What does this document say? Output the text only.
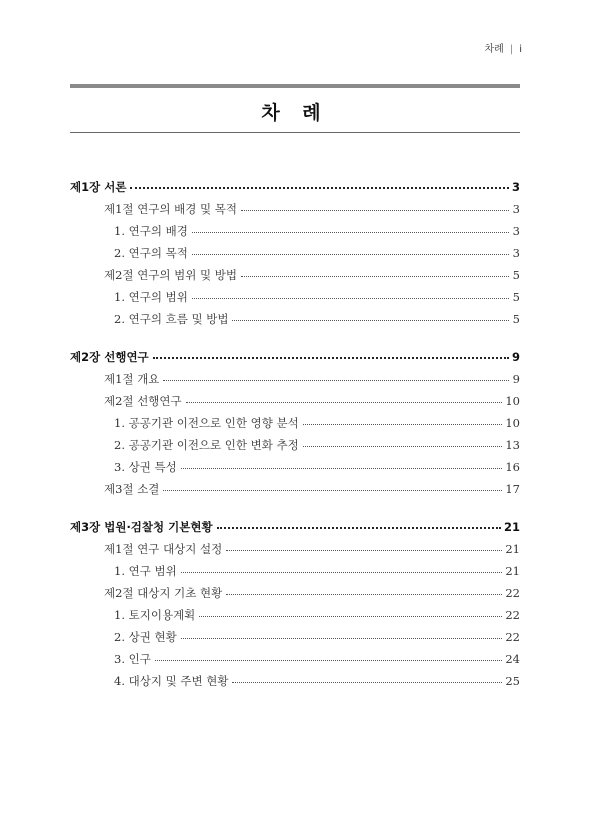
차례 | i
차 례
제1장 서론	3
제1절 연구의 배경 및 목적	3
1. 연구의 배경	3
2. 연구의 목적	3
제2절 연구의 범위 및 방법	5
1. 연구의 범위	5
2. 연구의 흐름 및 방법	5
제2장 선행연구	9
제1절 개요	9
제2절 선행연구	10
1. 공공기관 이전으로 인한 영향 분석	10
2. 공공기관 이전으로 인한 변화 추정	13
3. 상권 특성	16
제3절 소결	17
제3장 법원·검찰청 기본현황	21
제1절 연구 대상지 설정	21
1. 연구 범위	21
제2절 대상지 기초 현황	22
1. 토지이용계획	22
2. 상권 현황	22
3. 인구	24
4. 대상지 및 주변 현황	25
